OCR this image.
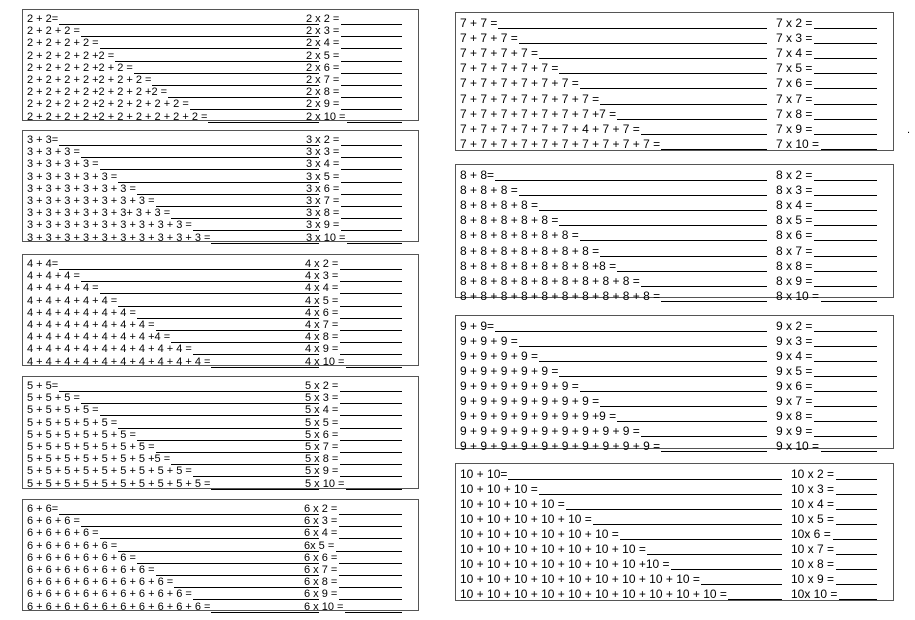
2 + 2=	2 x 2 =
2 + 2 + 2 =	2 x 3 =
2 + 2 + 2 + 2 =	2 x 4 =
2 + 2 + 2 + 2 +2 =	2 x 5 =
2 + 2 + 2 + 2 +2 + 2 =	2 x 6 =
2 + 2 + 2 + 2 +2 + 2 + 2 =	2 x 7 =
2 + 2 + 2 + 2 +2 + 2 + 2 +2 =	2 x 8 =
2 + 2 + 2 + 2 +2 + 2 + 2 + 2 + 2 =	2 x 9 =
2 + 2 + 2 + 2 +2 + 2 + 2 + 2 + 2 + 2 =	2 x 10 =
3 + 3=	3 x 2 =
3 + 3 + 3 =	3 x 3 =
3 + 3 + 3 + 3 =	3 x 4 =
3 + 3 + 3 + 3 + 3 =	3 x 5 =
3 + 3 + 3 + 3 + 3 + 3 =	3 x 6 =
3 + 3 + 3 + 3 + 3 + 3 + 3 =	3 x 7 =
3 + 3 + 3 + 3 + 3 + 3+ 3 + 3 =	3 x 8 =
3 + 3 + 3 + 3 + 3 + 3 + 3 + 3 + 3 =	3 x 9 =
3 + 3 + 3 + 3 + 3 + 3 + 3 + 3 + 3 + 3 =	3 x 10 =
4 + 4=	4 x 2 =
4 + 4 + 4 =	4 x 3 =
4 + 4 + 4 + 4 =	4 x 4 =
4 + 4 + 4 + 4 + 4 =	4 x 5 =
4 + 4 + 4 + 4 + 4 + 4 =	4 x 6 =
4 + 4 + 4 + 4 + 4 + 4 + 4 =	4 x 7 =
4 + 4 + 4 + 4 + 4 + 4 + 4 +4 =	4 x 8 =
4 + 4 + 4 + 4 + 4 + 4 + 4 + 4 + 4 =	4 x 9 =
4 + 4 + 4 + 4 + 4 + 4 + 4 + 4 + 4 + 4 =	4 x 10 =
5 + 5=	5 x 2 =
5 + 5 + 5 =	5 x 3 =
5 + 5 + 5 + 5 =	5 x 4 =
5 + 5 + 5 + 5 + 5 =	5 x 5 =
5 + 5 + 5 + 5 + 5 + 5 =	5 x 6 =
5 + 5 + 5 + 5 + 5 + 5 + 5 =	5 x 7 =
5 + 5 + 5 + 5 + 5 + 5 + 5 +5 =	5 x 8 =
5 + 5 + 5 + 5 + 5 + 5 + 5 + 5 + 5 =	5 x 9 =
5 + 5 + 5 + 5 + 5 + 5 + 5 + 5 + 5 + 5 =	5 x 10 =
6 + 6=	6 x 2 =
6 + 6 + 6 =	6 x 3 =
6 + 6 + 6 + 6 =	6 x 4 =
6 + 6 + 6 + 6 + 6 =	6x 5 =
6 + 6 + 6 + 6 + 6 + 6 =	6 x 6 =
6 + 6 + 6 + 6 + 6 + 6 + 6 =	6 x 7 =
6 + 6 + 6 + 6 + 6 + 6 + 6 + 6 =	6 x 8 =
6 + 6 + 6 + 6 + 6 + 6 + 6 + 6 + 6 =	6 x 9 =
6 + 6 + 6 + 6 + 6 + 6 + 6 + 6 + 6 + 6 =	6 x 10 =
7 + 7 =	7 x 2 =
7 + 7 + 7 =	7 x 3 =
7 + 7 + 7 + 7 =	7 x 4 =
7 + 7 + 7 + 7 + 7 =	7 x 5 =
7 + 7 + 7 + 7 + 7 + 7 =	7 x 6 =
7 + 7 + 7 + 7 + 7 + 7 + 7 =	7 x 7 =
7 + 7 + 7 + 7 + 7 + 7 + 7 +7 =	7 x 8 =
7 + 7 + 7 + 7 + 7 + 7 + 4 + 7 + 7 =	7 x 9 =
7 + 7 + 7 + 7 + 7 + 7 + 7 + 7 + 7 + 7 =	7 x 10 =
8 + 8=	8 x 2 =
8 + 8 + 8 =	8 x 3 =
8 + 8 + 8 + 8 =	8 x 4 =
8 + 8 + 8 + 8 + 8 =	8 x 5 =
8 + 8 + 8 + 8 + 8 + 8 =	8 x 6 =
8 + 8 + 8 + 8 + 8 + 8 + 8 =	8 x 7 =
8 + 8 + 8 + 8 + 8 + 8 + 8 +8 =	8 x 8 =
8 + 8 + 8 + 8 + 8 + 8 + 8 + 8 + 8 =	8 x 9 =
8 + 8 + 8 + 8 + 8 + 8 + 8 + 8 + 8 + 8 =	8 x 10 =
9 + 9=	9 x 2 =
9 + 9 + 9 =	9 x 3 =
9 + 9 + 9 + 9 =	9 x 4 =
9 + 9 + 9 + 9 + 9 =	9 x 5 =
9 + 9 + 9 + 9 + 9 + 9 =	9 x 6 =
9 + 9 + 9 + 9 + 9 + 9 + 9 =	9 x 7 =
9 + 9 + 9 + 9 + 9 + 9 + 9 +9 =	9 x 8 =
9 + 9 + 9 + 9 + 9 + 9 + 9 + 9 + 9 =	9 x 9 =
9 + 9 + 9 + 9 + 9 + 9 + 9 + 9 + 9 + 9 =	9 x 10 =
10 + 10=	10 x 2 =
10 + 10 + 10 =	10 x 3 =
10 + 10 + 10 + 10 =	10 x 4 =
10 + 10 + 10 + 10 + 10 =	10 x 5 =
10 + 10 + 10 + 10 + 10 + 10 =	10x 6 =
10 + 10 + 10 + 10 + 10 + 10 + 10 =	10 x 7 =
10 + 10 + 10 + 10 + 10 + 10 + 10 +10 =	10 x 8 =
10 + 10 + 10 + 10 + 10 + 10 + 10 + 10 + 10 =	10 x 9 =
10 + 10 + 10 + 10 + 10 + 10 + 10 + 10 + 10 + 10 =	10x 10 =
.
